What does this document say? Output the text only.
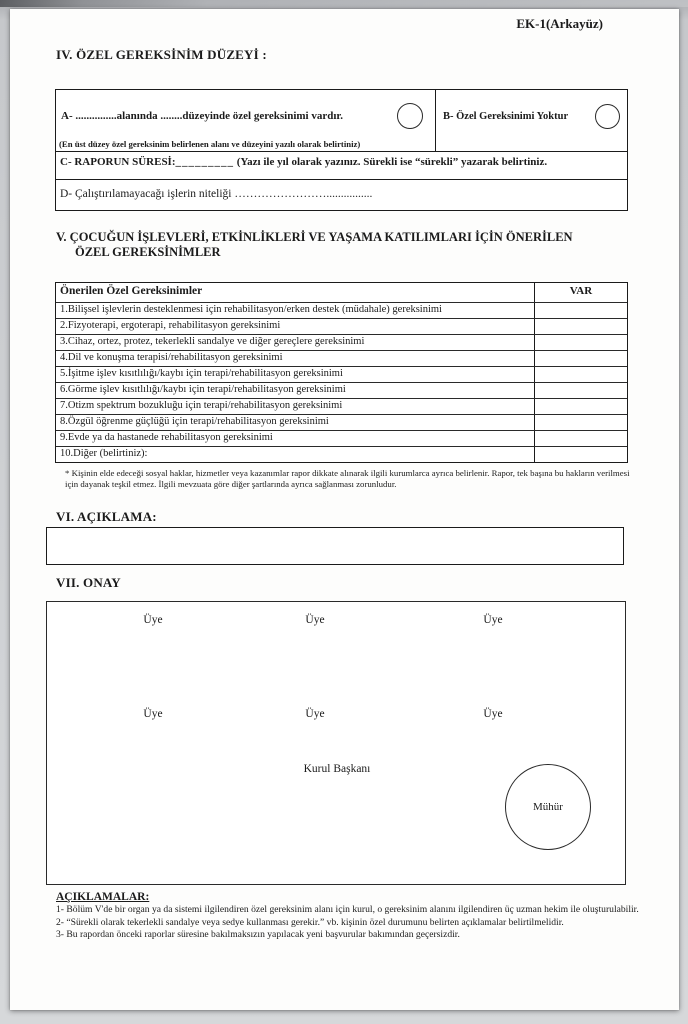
EK-1(Arkayüz)
IV. ÖZEL GEREKSİNİM DÜZEYİ :
A- ...............alanında ........düzeyinde özel gereksinimi vardır.
(En üst düzey özel gereksinim belirlenen alanı ve düzeyini yazılı olarak belirtiniz)
B- Özel Gereksinimi Yoktur
C- RAPORUN SÜRESİ:_________ (Yazı ile yıl olarak yazınız. Sürekli ise “sürekli” yazarak belirtiniz.
D- Çalıştırılamayacağı işlerin niteliği ……………………................
V. ÇOCUĞUN İŞLEVLERİ, ETKİNLİKLERİ VE YAŞAMA KATILIMLARI İÇİN ÖNERİLEN
ÖZEL GEREKSİNİMLER
Önerilen Özel Gereksinimler	VAR
1.Bilişsel işlevlerin desteklenmesi için rehabilitasyon/erken destek (müdahale) gereksinimi
2.Fizyoterapi, ergoterapi, rehabilitasyon gereksinimi
3.Cihaz, ortez, protez, tekerlekli sandalye ve diğer gereçlere gereksinimi
4.Dil ve konuşma terapisi/rehabilitasyon gereksinimi
5.İşitme işlev kısıtlılığı/kaybı için terapi/rehabilitasyon gereksinimi
6.Görme işlev kısıtlılığı/kaybı için terapi/rehabilitasyon gereksinimi
7.Otizm spektrum bozukluğu için terapi/rehabilitasyon gereksinimi
8.Özgül öğrenme güçlüğü için terapi/rehabilitasyon gereksinimi
9.Evde ya da hastanede rehabilitasyon gereksinimi
10.Diğer (belirtiniz):
* Kişinin elde edeceği sosyal haklar, hizmetler veya kazanımlar rapor dikkate alınarak ilgili kurumlarca ayrıca belirlenir. Rapor, tek başına bu hakların verilmesi için dayanak teşkil etmez. İlgili mevzuata göre diğer şartlarında ayrıca sağlanması zorunludur.
VI. AÇIKLAMA:
VII. ONAY
Üye	Üye	Üye
Üye	Üye	Üye
Kurul Başkanı
Mühür
AÇIKLAMALAR:
1- Bölüm V'de bir organ ya da sistemi ilgilendiren özel gereksinim alanı için kurul, o gereksinim alanını ilgilendiren üç uzman hekim ile oluşturulabilir.
2- “Sürekli olarak tekerlekli sandalye veya sedye kullanması gerekir.” vb. kişinin özel durumunu belirten açıklamalar belirtilmelidir.
3- Bu rapordan önceki raporlar süresine bakılmaksızın yapılacak yeni başvurular bakımından geçersizdir.
